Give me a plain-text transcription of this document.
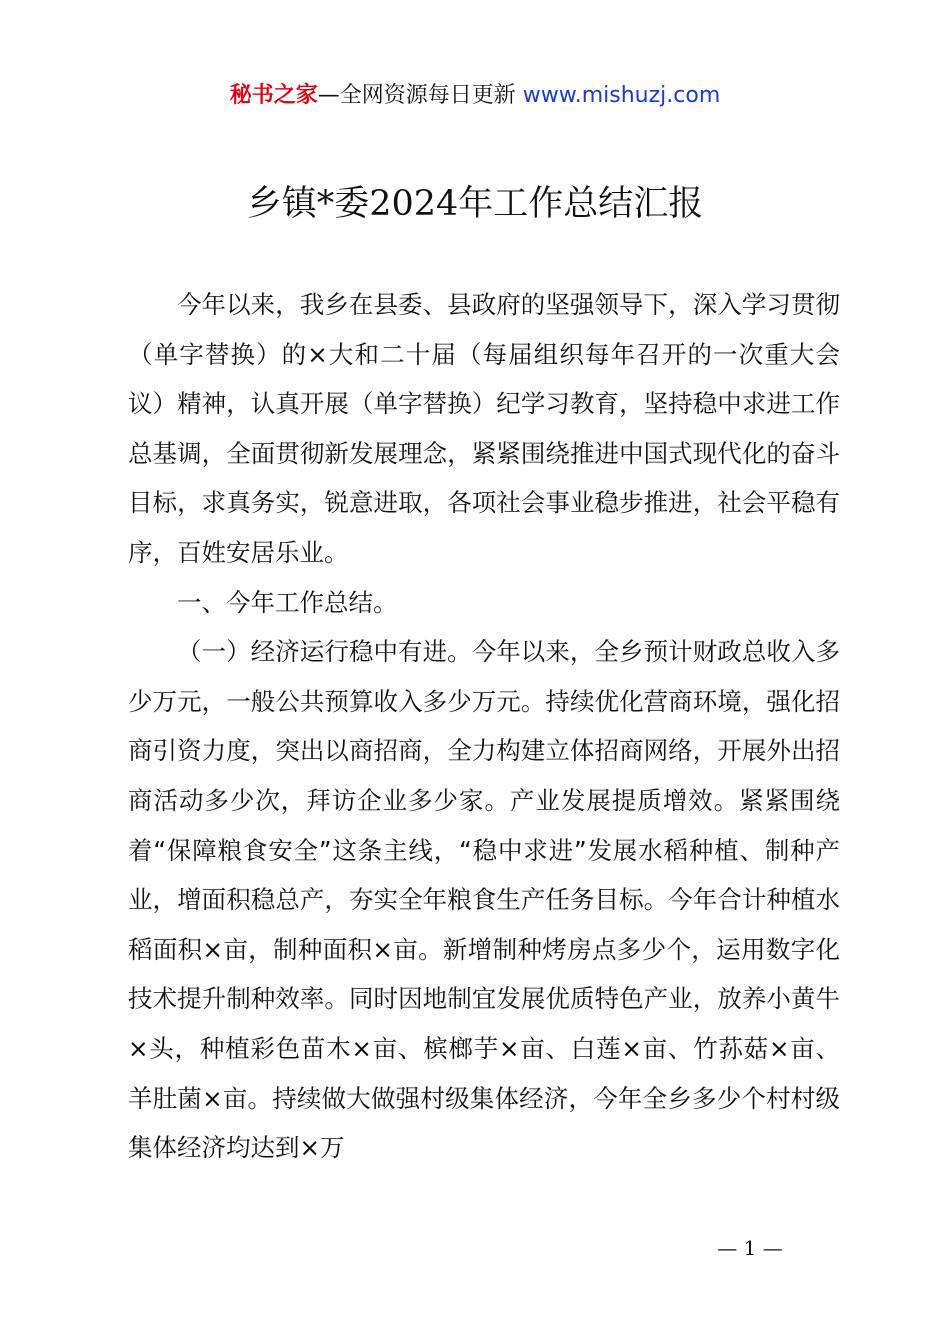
秘书之家—全网资源每日更新 www.mishuzj.com
乡镇*委2024年工作总结汇报

今年以来，我乡在县委、县政府的坚强领导下，深入学习贯彻（单字替换）的×大和二十届（每届组织每年召开的一次重大会议）精神，认真开展（单字替换）纪学习教育，坚持稳中求进工作总基调，全面贯彻新发展理念，紧紧围绕推进中国式现代化的奋斗目标，求真务实，锐意进取，各项社会事业稳步推进，社会平稳有序，百姓安居乐业。

一、今年工作总结。

（一）经济运行稳中有进。今年以来，全乡预计财政总收入多少万元，一般公共预算收入多少万元。持续优化营商环境，强化招商引资力度，突出以商招商，全力构建立体招商网络，开展外出招商活动多少次，拜访企业多少家。产业发展提质增效。紧紧围绕着“保障粮食安全”这条主线，“稳中求进”发展水稻种植、制种产业，增面积稳总产，夯实全年粮食生产任务目标。今年合计种植水稻面积×亩，制种面积×亩。新增制种烤房点多少个，运用数字化技术提升制种效率。同时因地制宜发展优质特色产业，放养小黄牛×头，种植彩色苗木×亩、槟榔芋×亩、白莲×亩、竹荪菇×亩、羊肚菌×亩。持续做大做强村级集体经济，今年全乡多少个村村级集体经济均达到×万

— 1 —
